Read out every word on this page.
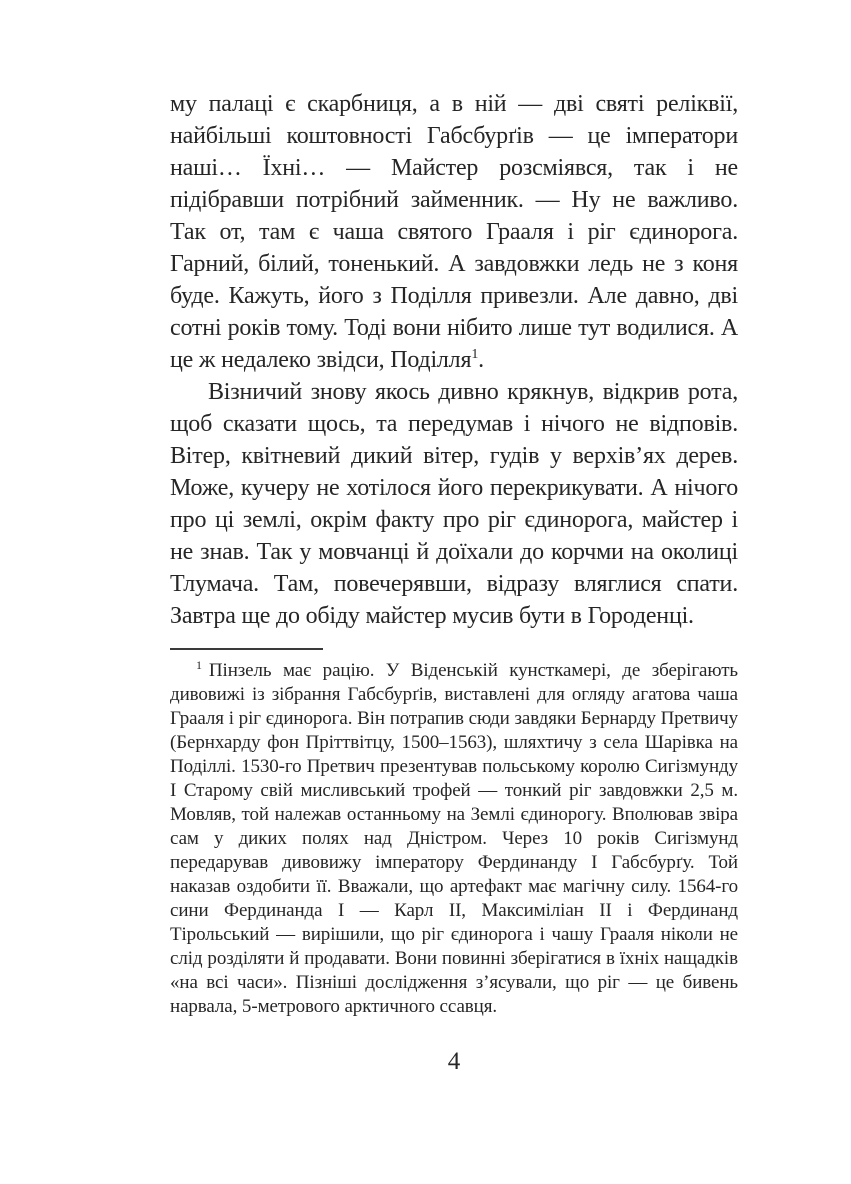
му палаці є скарбниця, а в ній — дві святі реліквії, найбільші коштовності Габсбурґів — це імператори наші… Їхні… — Майстер розсміявся, так і не підібравши потрібний займенник. — Ну не важливо. Так от, там є чаша святого Грааля і ріг єдинорога. Гарний, білий, тоненький. А завдовжки ледь не з коня буде. Кажуть, його з Поділля привезли. Але давно, дві сотні років тому. Тоді вони нібито лише тут водилися. А це ж недалеко звідси, Поділля$^1$.

Візничий знову якось дивно крякнув, відкрив рота, щоб сказати щось, та передумав і нічого не відповів. Вітер, квітневий дикий вітер, гудів у верхів’ях дерев. Може, кучеру не хотілося його перекрикувати. А нічого про ці землі, окрім факту про ріг єдинорога, майстер і не знав. Так у мовчанці й доїхали до корчми на околиці Тлумача. Там, повечерявши, відразу вляглися спати. Завтра ще до обіду майстер мусив бути в Городенці.

$^1$ Пінзель має рацію. У Віденській кунсткамері, де зберігають дивовижі із зібрання Габсбурґів, виставлені для огляду агатова чаша Грааля і ріг єдинорога. Він потрапив сюди завдяки Бернарду Претвичу (Бернхарду фон Пріттвітцу, 1500–1563), шляхтичу з села Шарівка на Поділлі. 1530-го Претвич презентував польському королю Сигізмунду I Старому свій мисливський трофей — тонкий ріг завдовжки 2,5 м. Мовляв, той належав останньому на Землі єдинорогу. Вполював звіра сам у диких полях над Дністром. Через 10 років Сигізмунд передарував дивовижу імператору Фердинанду I Габсбурґу. Той наказав оздобити її. Вважали, що артефакт має магічну силу. 1564-го сини Фердинанда I — Карл II, Максиміліан II і Фердинанд Тірольський — вирішили, що ріг єдинорога і чашу Грааля ніколи не слід розділяти й продавати. Вони повинні зберігатися в їхніх нащадків «на всі часи». Пізніші дослідження з’ясували, що ріг — це бивень нарвала, 5-метрового арктичного ссавця.

4
